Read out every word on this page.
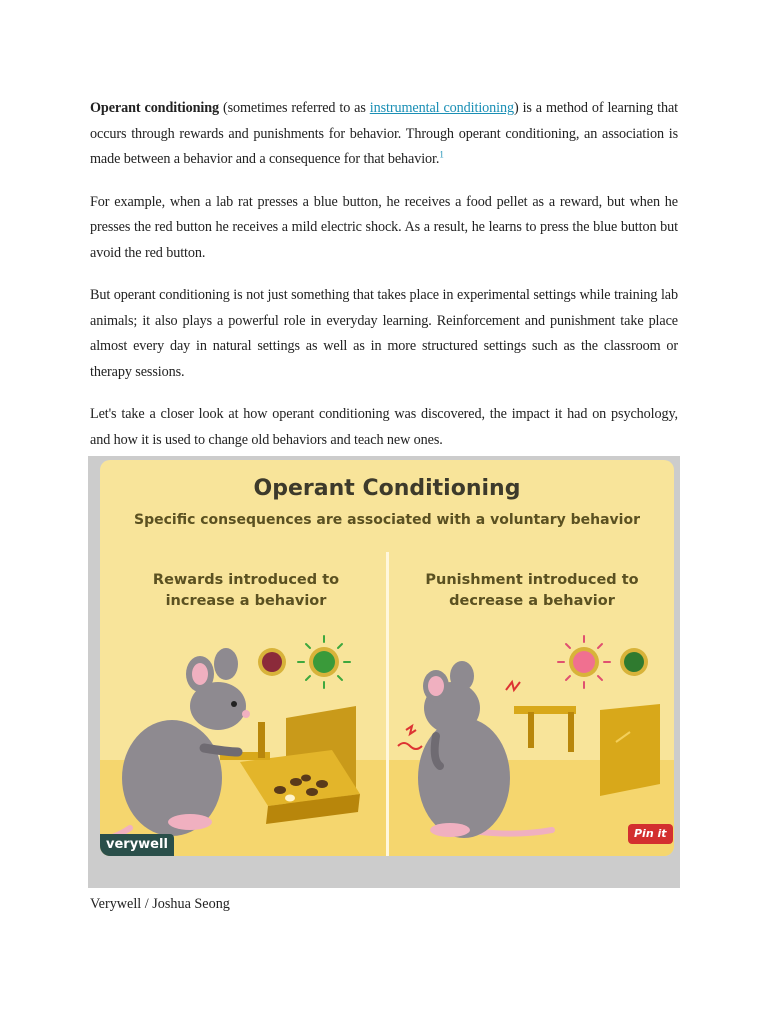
Operant conditioning (sometimes referred to as instrumental conditioning) is a method of learning that occurs through rewards and punishments for behavior. Through operant conditioning, an association is made between a behavior and a consequence for that behavior.$^1$

For example, when a lab rat presses a blue button, he receives a food pellet as a reward, but when he presses the red button he receives a mild electric shock. As a result, he learns to press the blue button but avoid the red button.

But operant conditioning is not just something that takes place in experimental settings while training lab animals; it also plays a powerful role in everyday learning. Reinforcement and punishment take place almost every day in natural settings as well as in more structured settings such as the classroom or therapy sessions.

Let's take a closer look at how operant conditioning was discovered, the impact it had on psychology, and how it is used to change old behaviors and teach new ones.

Operant Conditioning
Specific consequences are associated with a voluntary behavior
Rewards introduced to increase a behavior
Punishment introduced to decrease a behavior
verywell
Pin it
Verywell / Joshua Seong
